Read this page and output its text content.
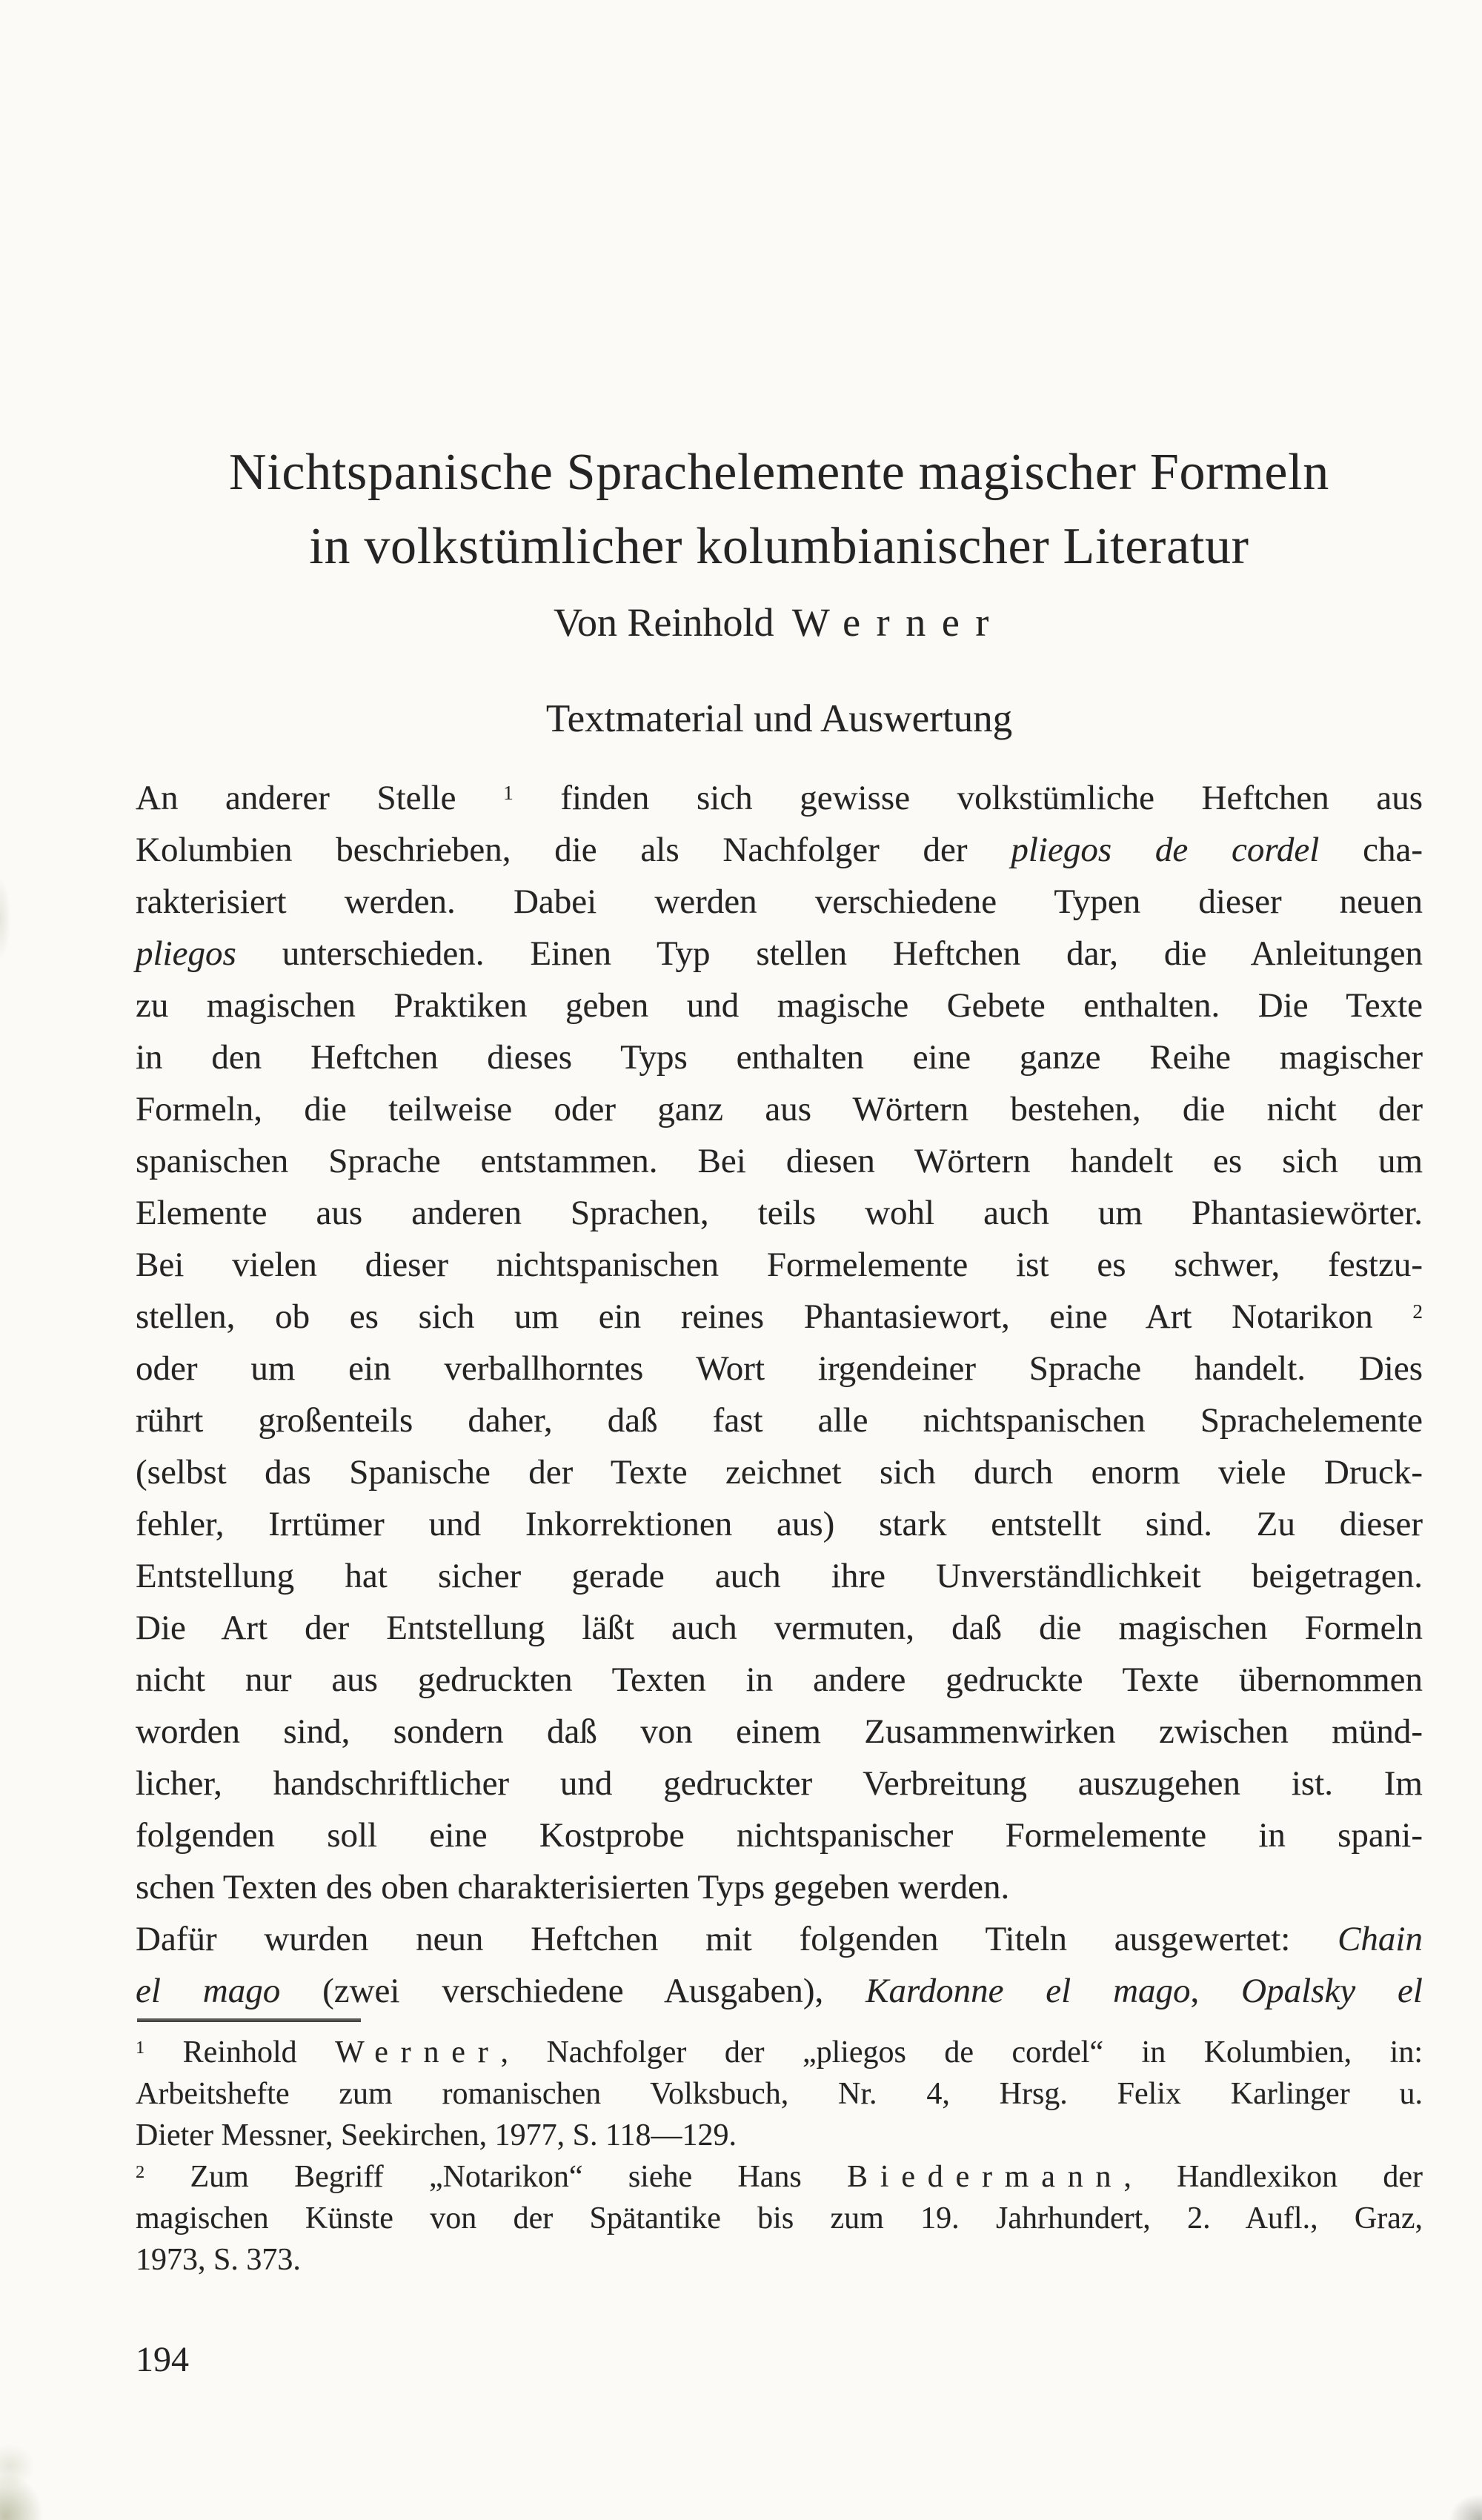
Nichtspanische Sprachelemente magischer Formeln
in volkstümlicher kolumbianischer Literatur
Von Reinhold Werner
Textmaterial und Auswertung
An anderer Stelle $^1$ finden sich gewisse volkstümliche Heftchen aus
Kolumbien beschrieben, die als Nachfolger der pliegos de cordel cha-
rakterisiert werden. Dabei werden verschiedene Typen dieser neuen
pliegos unterschieden. Einen Typ stellen Heftchen dar, die Anleitungen
zu magischen Praktiken geben und magische Gebete enthalten. Die Texte
in den Heftchen dieses Typs enthalten eine ganze Reihe magischer
Formeln, die teilweise oder ganz aus Wörtern bestehen, die nicht der
spanischen Sprache entstammen. Bei diesen Wörtern handelt es sich um
Elemente aus anderen Sprachen, teils wohl auch um Phantasiewörter.
Bei vielen dieser nichtspanischen Formelemente ist es schwer, festzu-
stellen, ob es sich um ein reines Phantasiewort, eine Art Notarikon $^2$
oder um ein verballhorntes Wort irgendeiner Sprache handelt. Dies
rührt großenteils daher, daß fast alle nichtspanischen Sprachelemente
(selbst das Spanische der Texte zeichnet sich durch enorm viele Druck-
fehler, Irrtümer und Inkorrektionen aus) stark entstellt sind. Zu dieser
Entstellung hat sicher gerade auch ihre Unverständlichkeit beigetragen.
Die Art der Entstellung läßt auch vermuten, daß die magischen Formeln
nicht nur aus gedruckten Texten in andere gedruckte Texte übernommen
worden sind, sondern daß von einem Zusammenwirken zwischen münd-
licher, handschriftlicher und gedruckter Verbreitung auszugehen ist. Im
folgenden soll eine Kostprobe nichtspanischer Formelemente in spani-
schen Texten des oben charakterisierten Typs gegeben werden.
Dafür wurden neun Heftchen mit folgenden Titeln ausgewertet: Chain
el mago (zwei verschiedene Ausgaben), Kardonne el mago, Opalsky el
$^1$ Reinhold Werner, Nachfolger der „pliegos de cordel“ in Kolumbien, in:
Arbeitshefte zum romanischen Volksbuch, Nr. 4, Hrsg. Felix Karlinger u.
Dieter Messner, Seekirchen, 1977, S. 118—129.
$^2$ Zum Begriff „Notarikon“ siehe Hans Biedermann, Handlexikon der
magischen Künste von der Spätantike bis zum 19. Jahrhundert, 2. Aufl., Graz,
1973, S. 373.
194
